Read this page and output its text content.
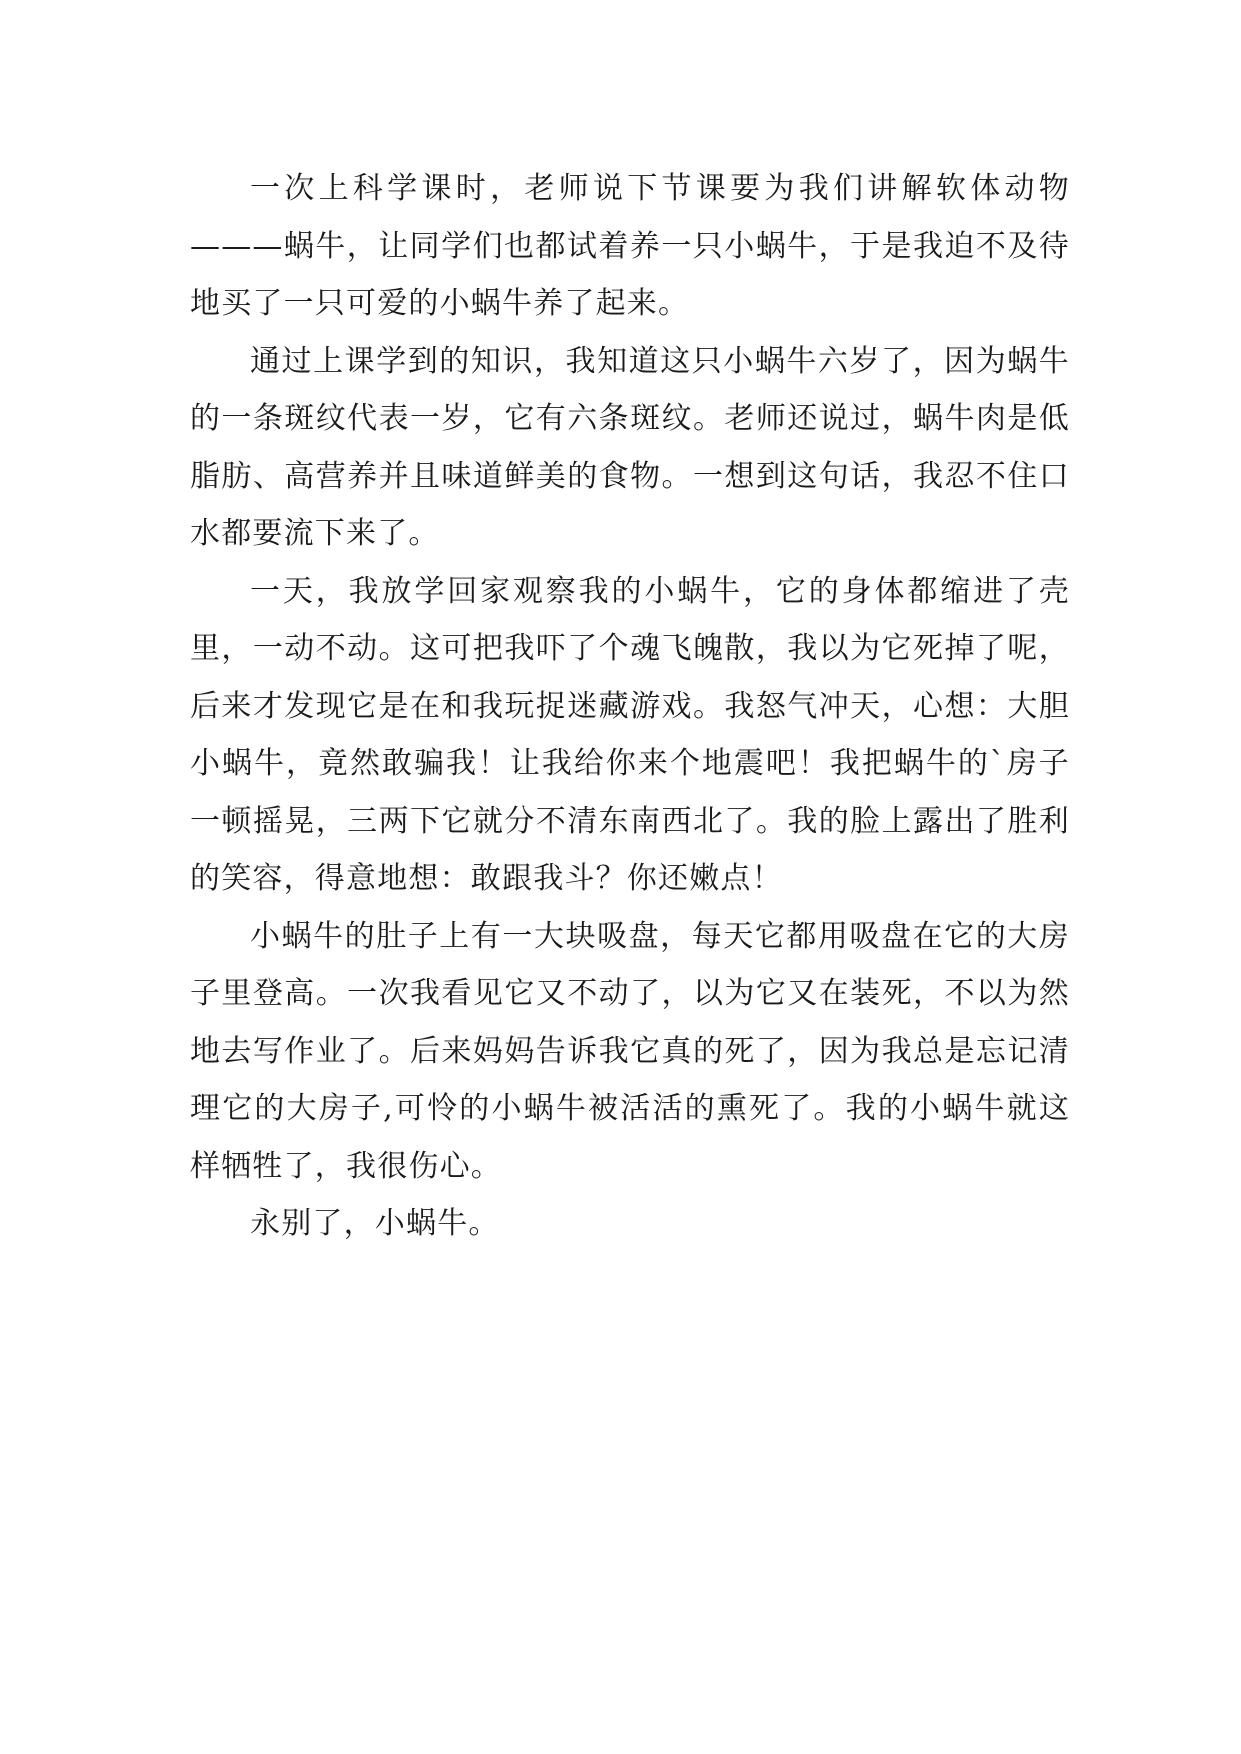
一次上科学课时，老师说下节课要为我们讲解软体动物———蜗牛，让同学们也都试着养一只小蜗牛，于是我迫不及待地买了一只可爱的小蜗牛养了起来。

通过上课学到的知识，我知道这只小蜗牛六岁了，因为蜗牛的一条斑纹代表一岁，它有六条斑纹。老师还说过，蜗牛肉是低脂肪、高营养并且味道鲜美的食物。一想到这句话，我忍不住口水都要流下来了。

一天，我放学回家观察我的小蜗牛，它的身体都缩进了壳里，一动不动。这可把我吓了个魂飞魄散，我以为它死掉了呢，后来才发现它是在和我玩捉迷藏游戏。我怒气冲天，心想：大胆小蜗牛，竟然敢骗我！让我给你来个地震吧！我把蜗牛的`房子一顿摇晃，三两下它就分不清东南西北了。我的脸上露出了胜利的笑容，得意地想：敢跟我斗？你还嫩点！

小蜗牛的肚子上有一大块吸盘，每天它都用吸盘在它的大房子里登高。一次我看见它又不动了，以为它又在装死，不以为然地去写作业了。后来妈妈告诉我它真的死了，因为我总是忘记清理它的大房子,可怜的小蜗牛被活活的熏死了。我的小蜗牛就这样牺牲了，我很伤心。

永别了，小蜗牛。
